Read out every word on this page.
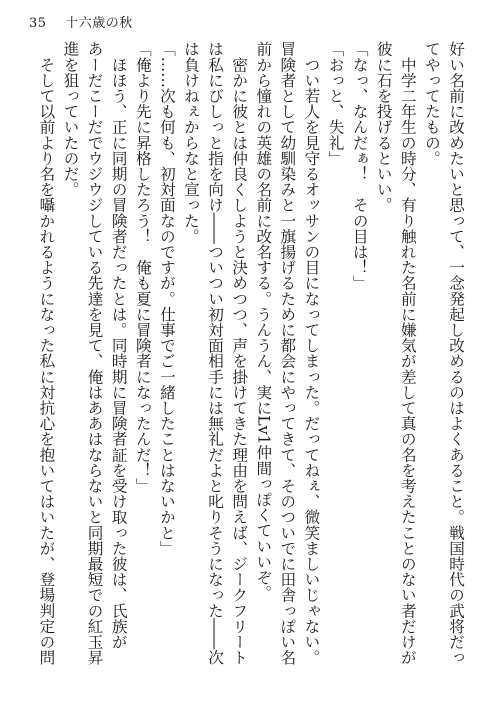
35 十六歳の秋
好い名前に改めたいと思って、一念発起し改めるのはよくあること。戦国時代の武将だっ
てやってたもの。
　中学二年生の時分、有り触れた名前に嫌気が差して真の名を考えたことのない者だけが
彼に石を投げるといい。
「なっ、なんだぁ！　その目は！」
「おっと、失礼」
　つい若人を見守るオッサンの目になってしまった。だってねぇ、微笑ましいじゃない。
冒険者として幼馴染みと一旗揚げるために都会にやってきて、そのついでに田舎っぽい名
前から憧れの英雄の名前に改名する。うんうん、実にLv1仲間っぽくていいぞ。
　密かに彼とは仲良くしようと決めつつ、声を掛けてきた理由を問えば、ジークフリート
は私にびしっと指を向け――ついつい初対面相手には無礼だよと叱りそうになった――次
は負けねぇからなと宣った。
「……次も何も、初対面なのですが。仕事でご一緒したことはないかと」
「俺より先に昇格したろう！　俺も夏に冒険者になったんだ！」
　ほほう、正に同期の冒険者だったとは。同時期に冒険者証を受け取った彼は、氏族が
あーだこーだでウジウジしている先達を見て、俺はああはならないと同期最短での紅玉昇
進を狙っていたのだ。
　そして以前より名を囁かれるようになった私に対抗心を抱いてはいたが、登場判定の問
